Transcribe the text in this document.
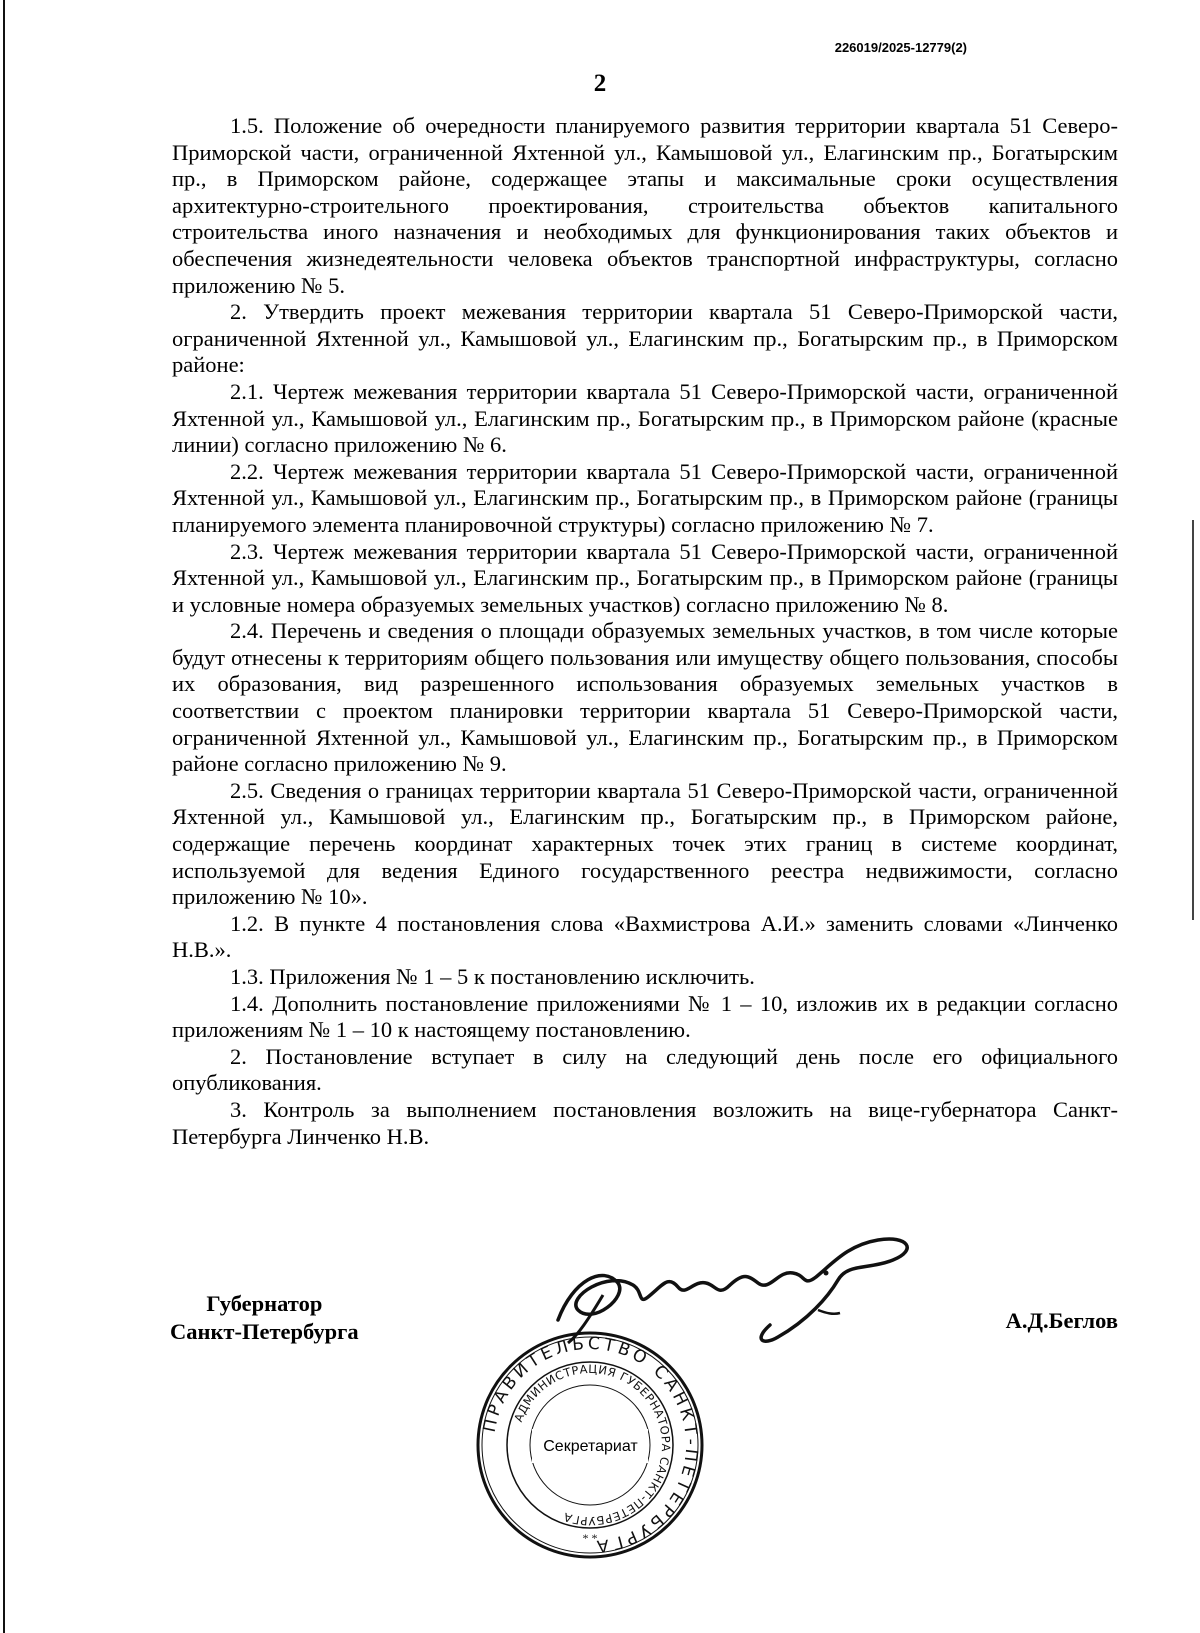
226019/2025-12779(2)
2

1.5. Положение об очередности планируемого развития территории квартала 51 Северо-Приморской части, ограниченной Яхтенной ул., Камышовой ул., Елагинским пр., Богатырским пр., в Приморском районе, содержащее этапы и максимальные сроки осуществления архитектурно-строительного проектирования, строительства объектов капитального строительства иного назначения и необходимых для функционирования таких объектов и обеспечения жизнедеятельности человека объектов транспортной инфраструктуры, согласно приложению № 5.

2. Утвердить проект межевания территории квартала 51 Северо-Приморской части, ограниченной Яхтенной ул., Камышовой ул., Елагинским пр., Богатырским пр., в Приморском районе:

2.1. Чертеж межевания территории квартала 51 Северо-Приморской части, ограниченной Яхтенной ул., Камышовой ул., Елагинским пр., Богатырским пр., в Приморском районе (красные линии) согласно приложению № 6.

2.2. Чертеж межевания территории квартала 51 Северо-Приморской части, ограниченной Яхтенной ул., Камышовой ул., Елагинским пр., Богатырским пр., в Приморском районе (границы планируемого элемента планировочной структуры) согласно приложению № 7.

2.3. Чертеж межевания территории квартала 51 Северо-Приморской части, ограниченной Яхтенной ул., Камышовой ул., Елагинским пр., Богатырским пр., в Приморском районе (границы и условные номера образуемых земельных участков) согласно приложению № 8.

2.4. Перечень и сведения о площади образуемых земельных участков, в том числе которые будут отнесены к территориям общего пользования или имуществу общего пользования, способы их образования, вид разрешенного использования образуемых земельных участков в соответствии с проектом планировки территории квартала 51 Северо-Приморской части, ограниченной Яхтенной ул., Камышовой ул., Елагинским пр., Богатырским пр., в Приморском районе согласно приложению № 9.

2.5. Сведения о границах территории квартала 51 Северо-Приморской части, ограниченной Яхтенной ул., Камышовой ул., Елагинским пр., Богатырским пр., в Приморском районе, содержащие перечень координат характерных точек этих границ в системе координат, используемой для ведения Единого государственного реестра недвижимости, согласно приложению № 10».

1.2. В пункте 4 постановления слова «Вахмистрова А.И.» заменить словами «Линченко Н.В.».

1.3. Приложения № 1 – 5 к постановлению исключить.

1.4. Дополнить постановление приложениями № 1 – 10, изложив их в редакции согласно приложениям № 1 – 10 к настоящему постановлению.

2. Постановление вступает в силу на следующий день после его официального опубликования.

3. Контроль за выполнением постановления возложить на вице-губернатора Санкт-Петербурга Линченко Н.В.

Губернатор
Санкт-Петербурга	А.Д.Беглов
ПРАВИТЕЛЬСТВО САНКТ-ПЕТЕРБУРГА
АДМИНИСТРАЦИЯ ГУБЕРНАТОРА САНКТ-ПЕТЕРБУРГА
* *
Секретариат
